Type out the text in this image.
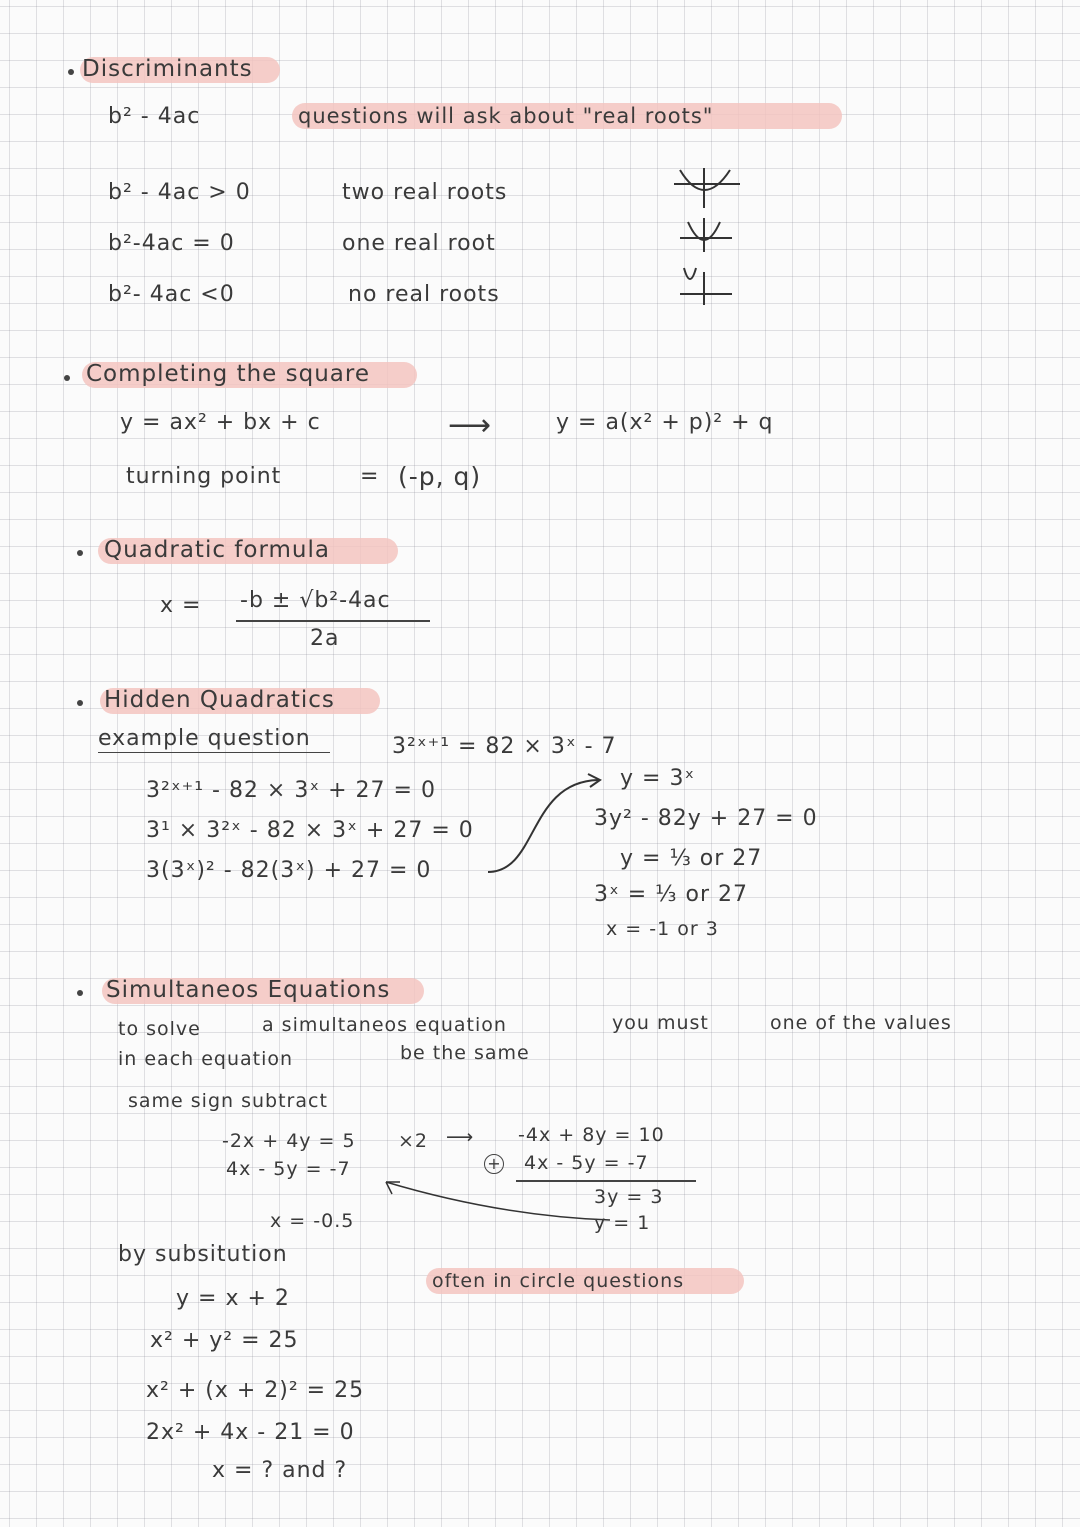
Discriminants
b² - 4ac	questions will ask about "real roots"
b² - 4ac > 0	two real roots
b²-4ac = 0	one real root
b²- 4ac <0	no real roots
Completing the square
y = ax² + bx + c	⟶	y = a(x² + p)² + q
turning point	= (-p, q)
Quadratic formula
x = -b ± √b²-4ac
2a
Hidden Quadratics
example question	3²ˣ⁺¹ = 82 × 3ˣ - 7
3²ˣ⁺¹ - 82 × 3ˣ + 27 = 0
3¹ × 3²ˣ - 82 × 3ˣ + 27 = 0
3(3ˣ)² - 82(3ˣ) + 27 = 0
y = 3ˣ
3y² - 82y + 27 = 0
y = ⅓ or 27
3ˣ = ⅓ or 27
x = -1 or 3
Simultaneos Equations
to solve	a simultaneos equation	you must	one of the values
in each equation	be the same
same sign subtract
-2x + 4y = 5 ×2 ⟶
4x - 5y = -7
x = -0.5
-4x + 8y = 10
+ 4x - 5y = -7
3y = 3
y = 1
by subsitution
often in circle questions
y = x + 2
x² + y² = 25
x² + (x + 2)² = 25
2x² + 4x - 21 = 0
x = ? and ?
